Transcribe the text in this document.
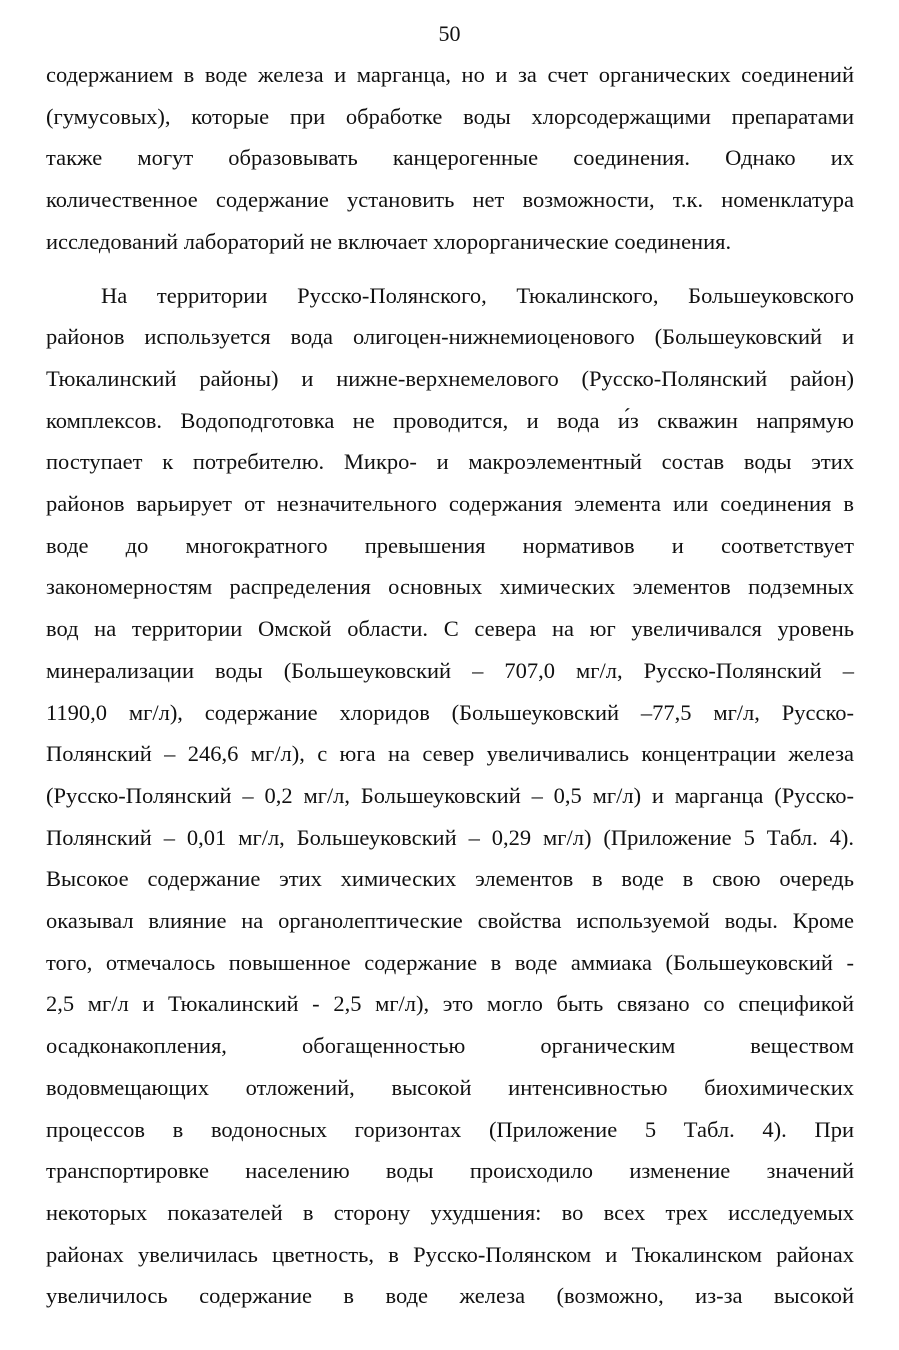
50

содержанием в воде железа и марганца, но и за счет органических соединений
(гумусовых), которые при обработке воды хлорсодержащими препаратами
также могут образовывать канцерогенные соединения. Однако их
количественное содержание установить нет возможности, т.к. номенклатура
исследований лабораторий не включает хлорорганические соединения.

На территории Русско-Полянского, Тюкалинского, Большеуковского
районов используется вода олигоцен-нижнемиоценового (Большеуковский и
Тюкалинский районы) и нижне-верхнемелового (Русско-Полянский район)
комплексов. Водоподготовка не проводится, и вода и́з скважин напрямую
поступает к потребителю. Микро- и макроэлементный состав воды этих
районов варьирует от незначительного содержания элемента или соединения в
воде до многократного превышения нормативов и соответствует
закономерностям распределения основных химических элементов подземных
вод на территории Омской области. С севера на юг увеличивался уровень
минерализации воды (Большеуковский – 707,0 мг/л, Русско-Полянский –
1190,0 мг/л), содержание хлоридов (Большеуковский –77,5 мг/л, Русско-
Полянский – 246,6 мг/л), с юга на север увеличивались концентрации железа
(Русско-Полянский – 0,2 мг/л, Большеуковский – 0,5 мг/л) и марганца (Русско-
Полянский – 0,01 мг/л, Большеуковский – 0,29 мг/л) (Приложение 5 Табл. 4).
Высокое содержание этих химических элементов в воде в свою очередь
оказывал влияние на органолептические свойства используемой воды. Кроме
того, отмечалось повышенное содержание в воде аммиака (Большеуковский -
2,5 мг/л и Тюкалинский - 2,5 мг/л), это могло быть связано со спецификой
осадконакопления, обогащенностью органическим веществом
водовмещающих отложений, высокой интенсивностью биохимических
процессов в водоносных горизонтах (Приложение 5 Табл. 4). При
транспортировке населению воды происходило изменение значений
некоторых показателей в сторону ухудшения: во всех трех исследуемых
районах увеличилась цветность, в Русско-Полянском и Тюкалинском районах
увеличилось содержание в воде железа (возможно, из-за высокой
